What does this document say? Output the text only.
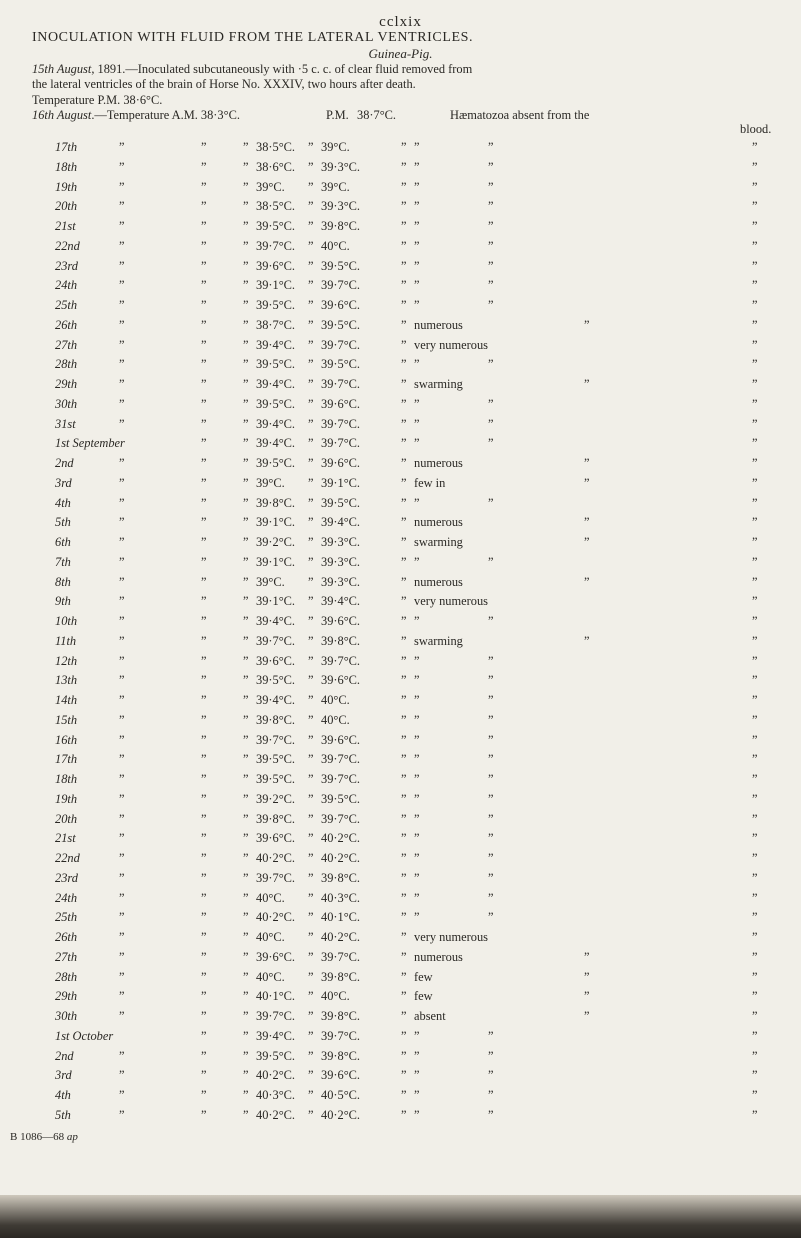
cclxix
INOCULATION WITH FLUID FROM THE LATERAL VENTRICLES.
Guinea-Pig.
15th August, 1891.—Inoculated subcutaneously with ·5 c. c. of clear fluid removed from
the lateral ventricles of the brain of Horse No. XXXIV, two hours after death.
Temperature P.M. 38·6°C.
16th August.—Temperature A.M. 38·3°C.	P.M. 38·7°C.	Hæmatozoa absent from the
blood.
17th	”	”	” 38·5°C. ” 39°C.	” ”	”	”
18th	”	”	” 38·6°C. ” 39·3°C.	” ”	”	”
19th	”	”	” 39°C. ” 39°C.	” ”	”	”
20th	”	”	” 38·5°C. ” 39·3°C.	” ”	”	”
21st	”	”	” 39·5°C. ” 39·8°C.	” ”	”	”
22nd	”	”	” 39·7°C. ” 40°C.	” ”	”	”
23rd	”	”	” 39·6°C. ” 39·5°C.	” ”	”	”
24th	”	”	” 39·1°C. ” 39·7°C.	” ”	”	”
25th	”	”	” 39·5°C. ” 39·6°C.	” ”	”	”
26th	”	”	” 38·7°C. ” 39·5°C.	” numerous	”	”
27th	”	”	” 39·4°C. ” 39·7°C.	” very numerous	”
28th	”	”	” 39·5°C. ” 39·5°C.	” ”	”	”
29th	”	”	” 39·4°C. ” 39·7°C.	” swarming	”	”
30th	”	”	” 39·5°C. ” 39·6°C.	” ”	”	”
31st	”	”	” 39·4°C. ” 39·7°C.	” ”	”	”
1st September	”	” 39·4°C. ” 39·7°C.	” ”	”	”
2nd	”	”	” 39·5°C. ” 39·6°C.	” numerous	”	”
3rd	”	”	” 39°C. ” 39·1°C.	” few in	”	”
4th	”	”	” 39·8°C. ” 39·5°C.	” ”	”	”
5th	”	”	” 39·1°C. ” 39·4°C.	” numerous	”	”
6th	”	”	” 39·2°C. ” 39·3°C.	” swarming	”	”
7th	”	”	” 39·1°C. ” 39·3°C.	” ”	”	”
8th	”	”	” 39°C. ” 39·3°C.	” numerous	”	”
9th	”	”	” 39·1°C. ” 39·4°C.	” very numerous	”
10th	”	”	” 39·4°C. ” 39·6°C.	” ”	”	”
11th	”	”	” 39·7°C. ” 39·8°C.	” swarming	”	”
12th	”	”	” 39·6°C. ” 39·7°C.	” ”	”	”
13th	”	”	” 39·5°C. ” 39·6°C.	” ”	”	”
14th	”	”	” 39·4°C. ” 40°C.	” ”	”	”
15th	”	”	” 39·8°C. ” 40°C.	” ”	”	”
16th	”	”	” 39·7°C. ” 39·6°C.	” ”	”	”
17th	”	”	” 39·5°C. ” 39·7°C.	” ”	”	”
18th	”	”	” 39·5°C. ” 39·7°C.	” ”	”	”
19th	”	”	” 39·2°C. ” 39·5°C.	” ”	”	”
20th	”	”	” 39·8°C. ” 39·7°C.	” ”	”	”
21st	”	”	” 39·6°C. ” 40·2°C.	” ”	”	”
22nd	”	”	” 40·2°C. ” 40·2°C.	” ”	”	”
23rd	”	”	” 39·7°C. ” 39·8°C.	” ”	”	”
24th	”	”	” 40°C. ” 40·3°C.	” ”	”	”
25th	”	”	” 40·2°C. ” 40·1°C.	” ”	”	”
26th	”	”	” 40°C. ” 40·2°C.	” very numerous	”
27th	”	”	” 39·6°C. ” 39·7°C.	” numerous	”	”
28th	”	”	” 40°C. ” 39·8°C.	” few	”	”
29th	”	”	” 40·1°C. ” 40°C.	” few	”	”
30th	”	”	” 39·7°C. ” 39·8°C.	” absent	”	”
1st October	”	” 39·4°C. ” 39·7°C.	” ”	”	”
2nd	”	”	” 39·5°C. ” 39·8°C.	” ”	”	”
3rd	”	”	” 40·2°C. ” 39·6°C.	” ”	”	”
4th	”	”	” 40·3°C. ” 40·5°C.	” ”	”	”
5th	”	”	” 40·2°C. ” 40·2°C.	” ”	”	”
B 1086—68 ap
